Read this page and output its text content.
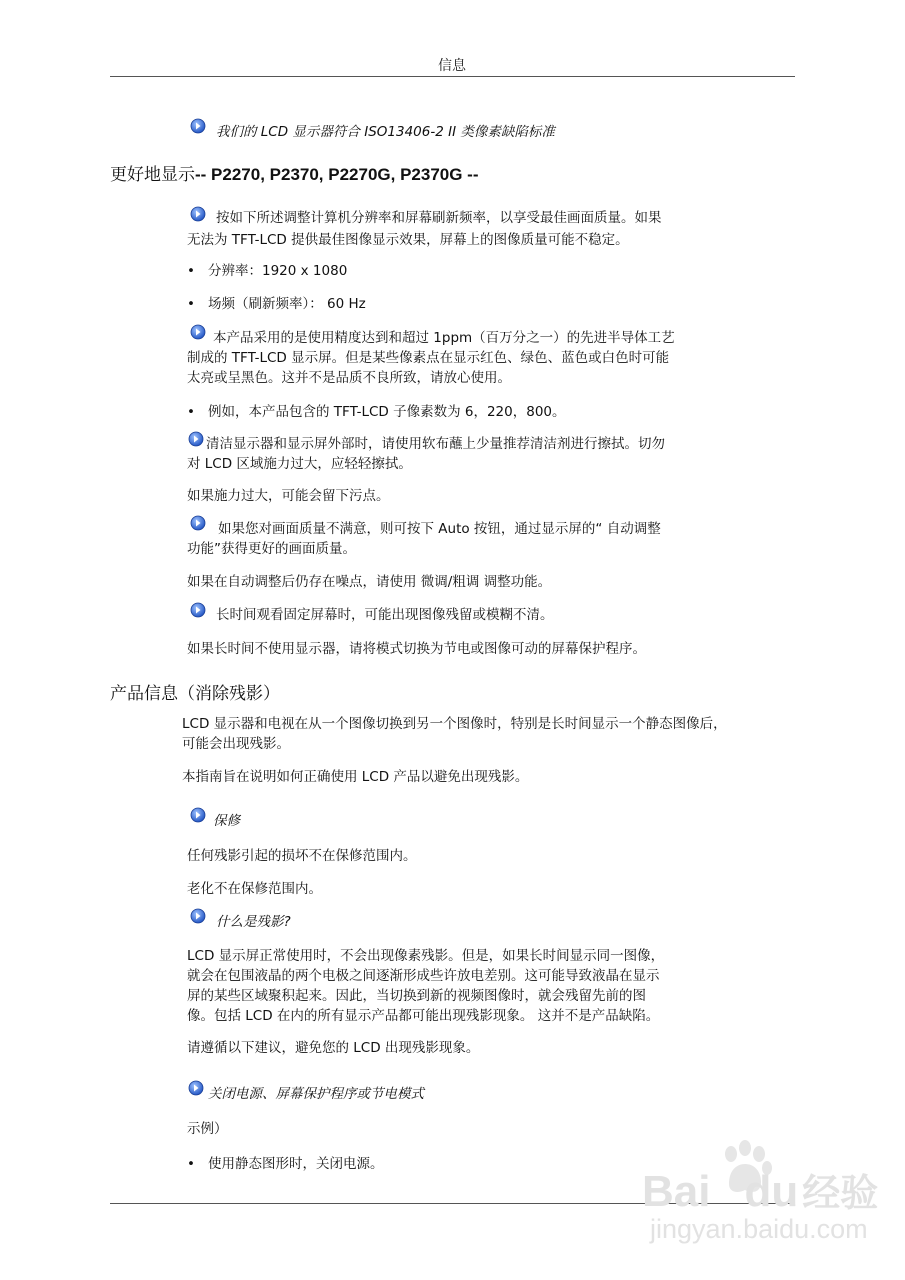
信息
我们的 LCD 显示器符合 ISO13406-2 II 类像素缺陷标准
更好地显示-- P2270, P2370, P2270G, P2370G --
按如下所述调整计算机分辨率和屏幕刷新频率，以享受最佳画面质量。如果
无法为 TFT-LCD 提供最佳图像显示效果，屏幕上的图像质量可能不稳定。
• 分辨率：1920 x 1080
• 场频（刷新频率）： 60 Hz
本产品采用的是使用精度达到和超过 1ppm（百万分之一）的先进半导体工艺
制成的 TFT-LCD 显示屏。但是某些像素点在显示红色、绿色、蓝色或白色时可能
太亮或呈黑色。这并不是品质不良所致，请放心使用。
• 例如，本产品包含的 TFT-LCD 子像素数为 6，220，800。
清洁显示器和显示屏外部时，请使用软布蘸上少量推荐清洁剂进行擦拭。切勿
对 LCD 区域施力过大，应轻轻擦拭。
如果施力过大，可能会留下污点。
如果您对画面质量不满意，则可按下 Auto 按钮，通过显示屏的“ 自动调整
功能”获得更好的画面质量。
如果在自动调整后仍存在噪点，请使用 微调/粗调 调整功能。
长时间观看固定屏幕时，可能出现图像残留或模糊不清。
如果长时间不使用显示器，请将模式切换为节电或图像可动的屏幕保护程序。
产品信息（消除残影）
LCD 显示器和电视在从一个图像切换到另一个图像时，特别是长时间显示一个静态图像后，
可能会出现残影。
本指南旨在说明如何正确使用 LCD 产品以避免出现残影。
保修
任何残影引起的损坏不在保修范围内。
老化不在保修范围内。
什么是残影?
LCD 显示屏正常使用时，不会出现像素残影。但是，如果长时间显示同一图像，
就会在包围液晶的两个电极之间逐渐形成些许放电差别。这可能导致液晶在显示
屏的某些区域聚积起来。因此，当切换到新的视频图像时，就会残留先前的图
像。包括 LCD 在内的所有显示产品都可能出现残影现象。 这并不是产品缺陷。
请遵循以下建议，避免您的 LCD 出现残影现象。
关闭电源、屏幕保护程序或节电模式
示例）
• 使用静态图形时，关闭电源。
Bai du 经验
jingyan.baidu.com
